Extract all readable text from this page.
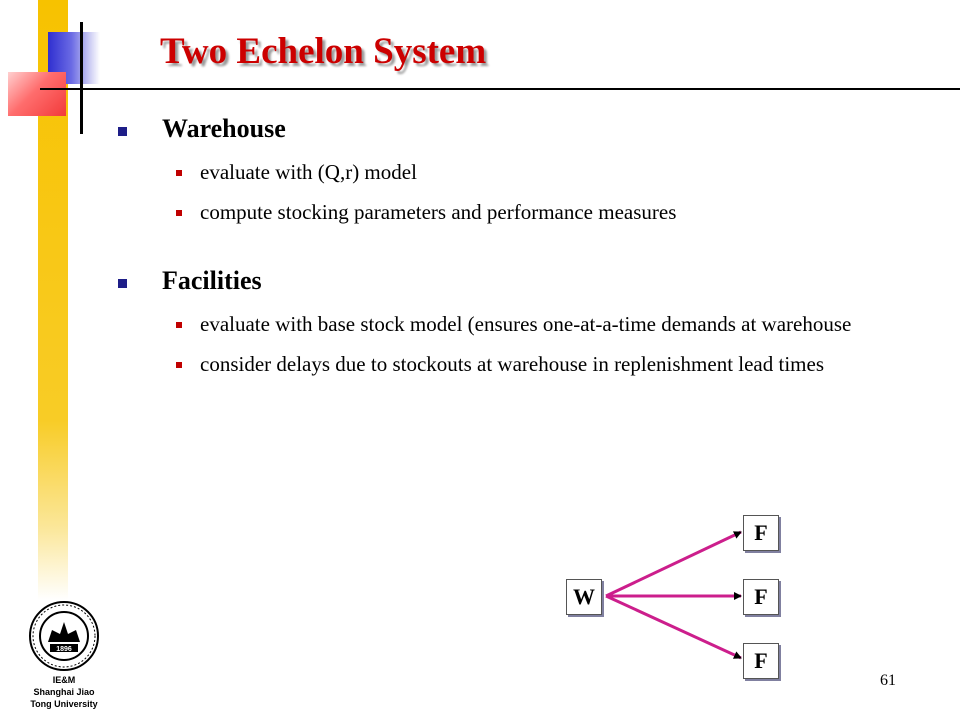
Two Echelon System
Warehouse
evaluate with (Q,r) model
compute stocking parameters and performance measures
Facilities
evaluate with base stock model (ensures one-at-a-time demands at warehouse
consider delays due to stockouts at warehouse in replenishment lead times
W
F
F
F
1896
IE&M
Shanghai Jiao
Tong University
61
